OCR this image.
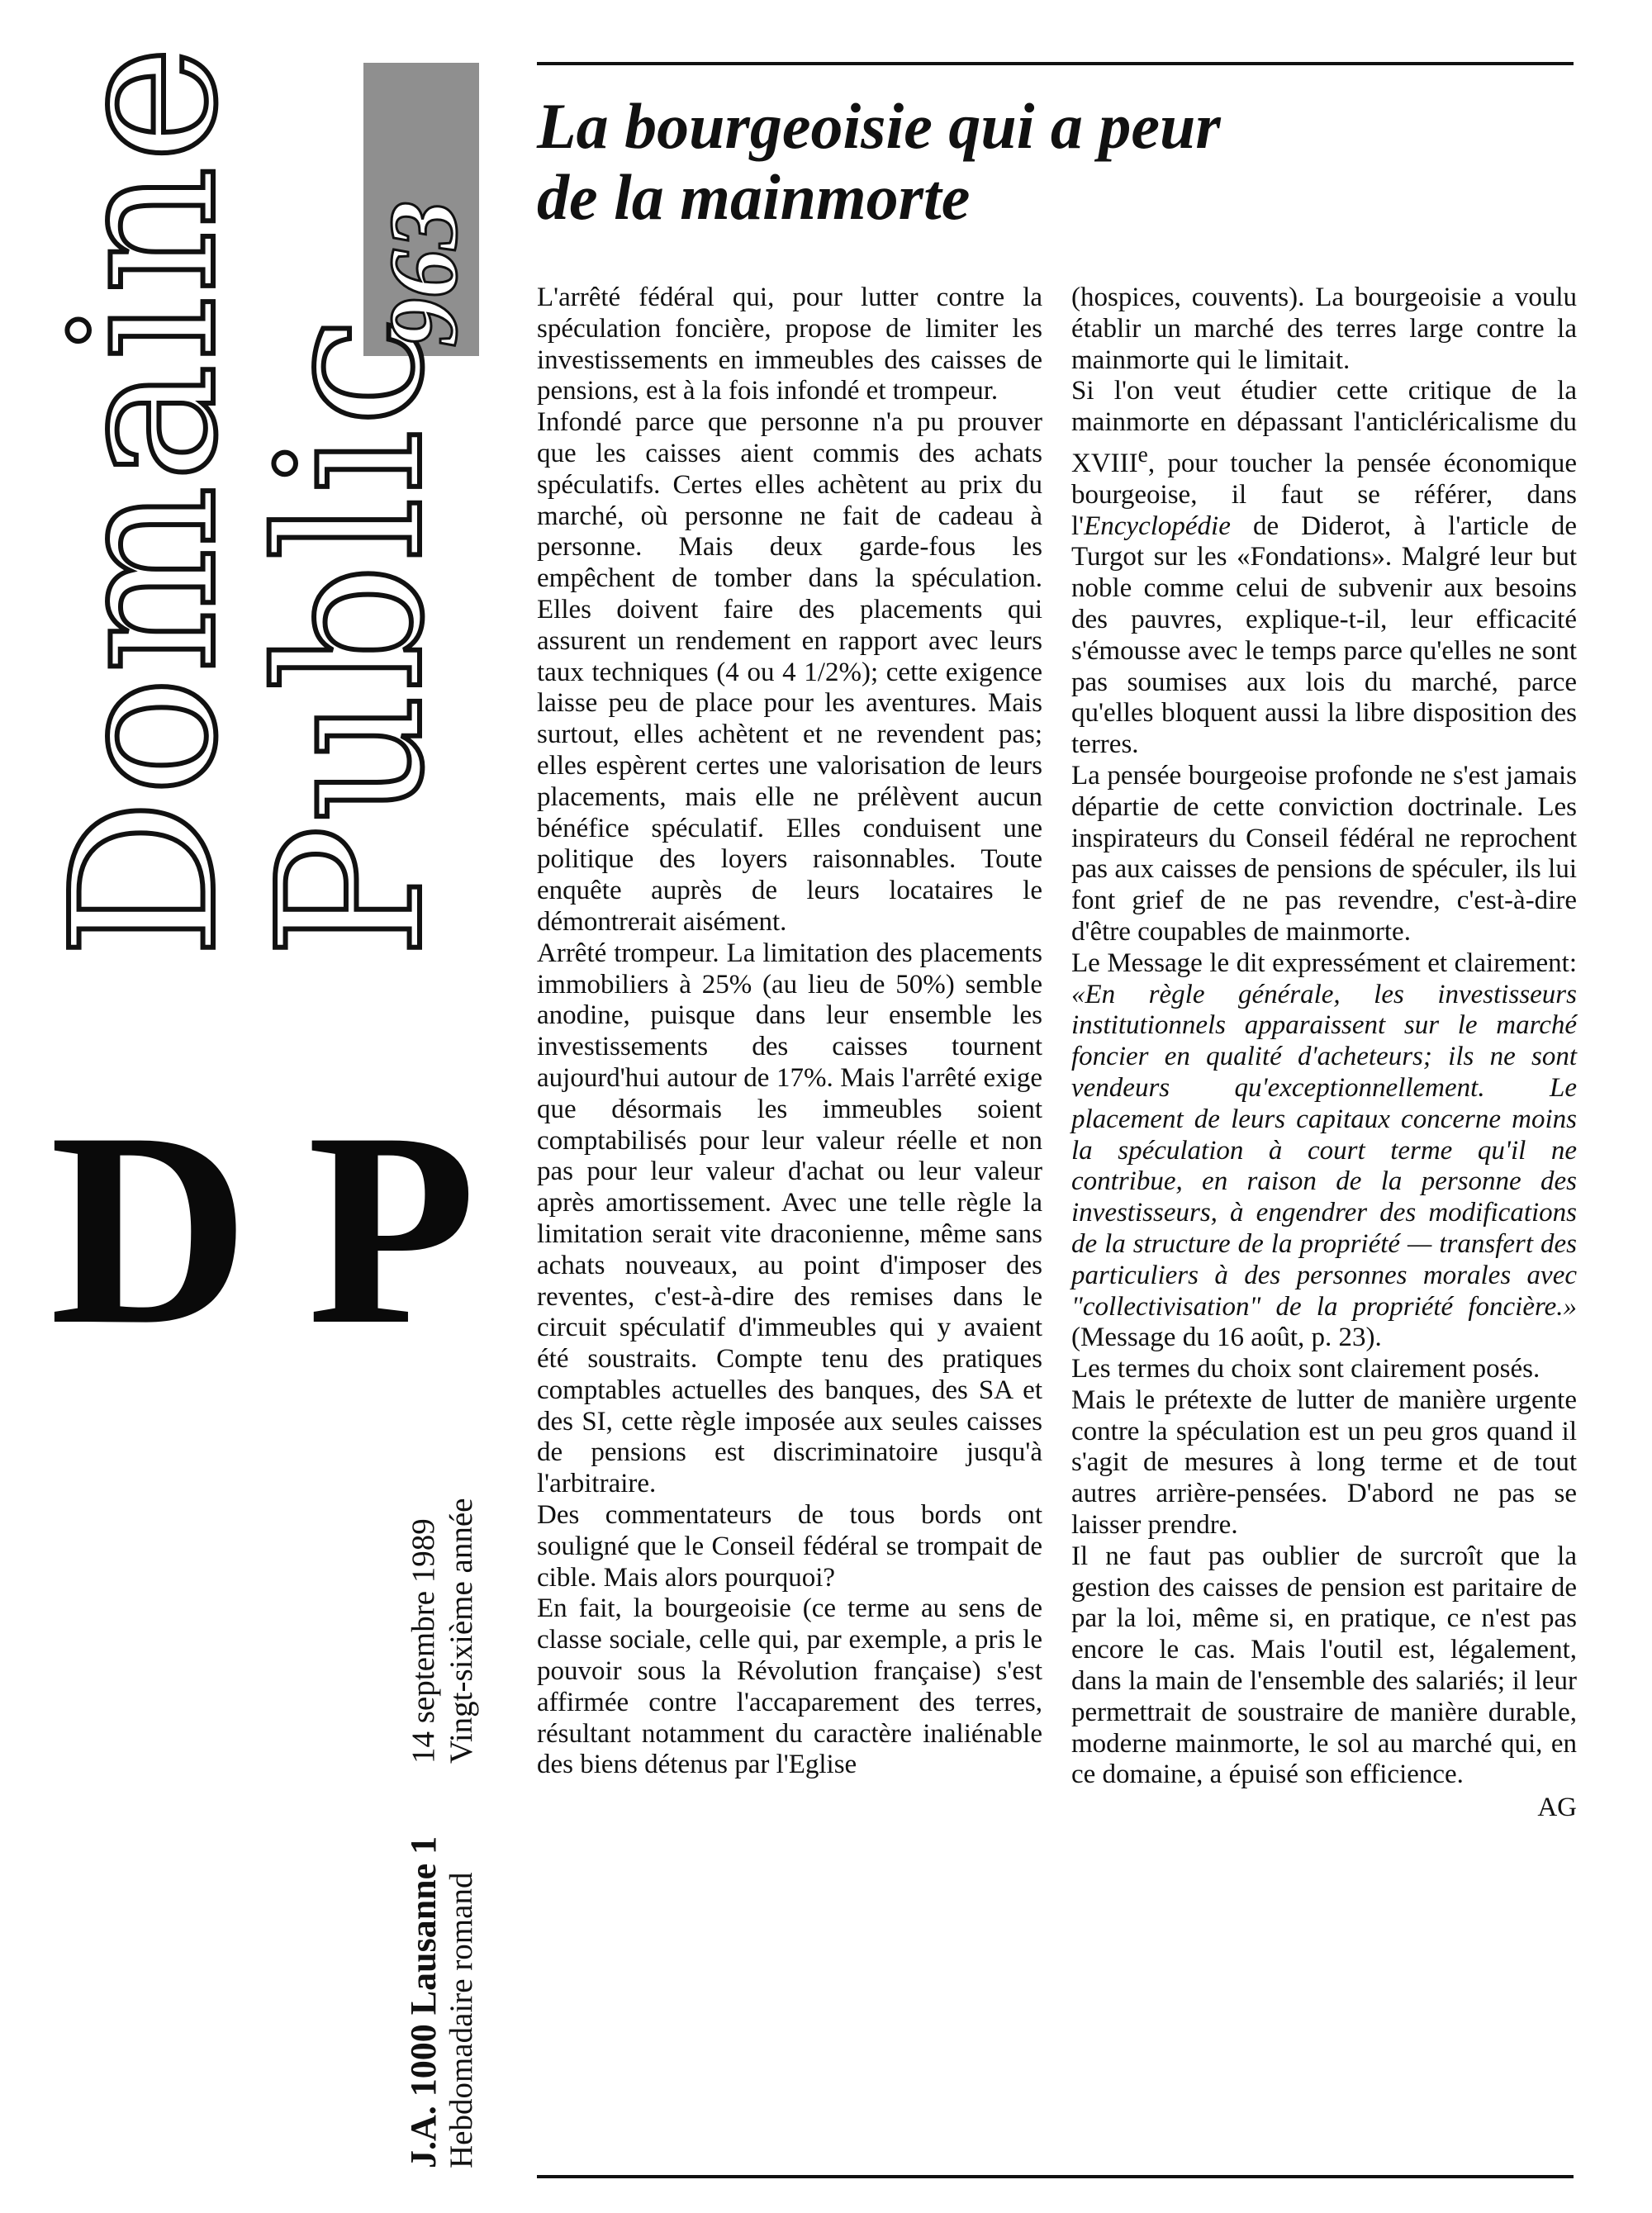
Domaine
Public
963
DP
J.A. 1000 Lausanne 1
14 septembre 1989
Hebdomadaire romand
Vingt-sixième année
La bourgeoisie qui a peur
de la mainmorte

L'arrêté fédéral qui, pour lutter contre la spéculation foncière, propose de limiter les investissements en immeubles des caisses de pensions, est à la fois infondé et trompeur.

Infondé parce que personne n'a pu prouver que les caisses aient commis des achats spéculatifs. Certes elles achètent au prix du marché, où personne ne fait de cadeau à personne. Mais deux garde-fous les empêchent de tomber dans la spéculation. Elles doivent faire des placements qui assurent un rendement en rapport avec leurs taux techniques (4 ou 4 1/2%); cette exigence laisse peu de place pour les aventures. Mais surtout, elles achètent et ne revendent pas; elles espèrent certes une valorisation de leurs placements, mais elle ne prélèvent aucun bénéfice spéculatif. Elles conduisent une politique des loyers raisonnables. Toute enquête auprès de leurs locataires le démontrerait aisément.

Arrêté trompeur. La limitation des placements immobiliers à 25% (au lieu de 50%) semble anodine, puisque dans leur ensemble les investissements des caisses tournent aujourd'hui autour de 17%. Mais l'arrêté exige que désormais les immeubles soient comptabilisés pour leur valeur réelle et non pas pour leur valeur d'achat ou leur valeur après amortissement. Avec une telle règle la limitation serait vite draconienne, même sans achats nouveaux, au point d'imposer des reventes, c'est-à-dire des remises dans le circuit spéculatif d'immeubles qui y avaient été soustraits. Compte tenu des pratiques comptables actuelles des banques, des SA et des SI, cette règle imposée aux seules caisses de pensions est discriminatoire jusqu'à l'arbitraire.

Des commentateurs de tous bords ont souligné que le Conseil fédéral se trompait de cible. Mais alors pourquoi?

En fait, la bourgeoisie (ce terme au sens de classe sociale, celle qui, par exemple, a pris le pouvoir sous la Révolution française) s'est affirmée contre l'accaparement des terres, résultant notamment du caractère inaliénable des biens détenus par l'Eglise

(hospices, couvents). La bourgeoisie a voulu établir un marché des terres large contre la mainmorte qui le limitait.

Si l'on veut étudier cette critique de la mainmorte en dépassant l'anticléricalisme du XVIIIe, pour toucher la pensée économique bourgeoise, il faut se référer, dans l'Encyclopédie de Diderot, à l'article de Turgot sur les «Fondations». Malgré leur but noble comme celui de subvenir aux besoins des pauvres, explique-t-il, leur efficacité s'émousse avec le temps parce qu'elles ne sont pas soumises aux lois du marché, parce qu'elles bloquent aussi la libre disposition des terres.

La pensée bourgeoise profonde ne s'est jamais départie de cette conviction doctrinale. Les inspirateurs du Conseil fédéral ne reprochent pas aux caisses de pensions de spéculer, ils lui font grief de ne pas revendre, c'est-à-dire d'être coupables de mainmorte.

Le Message le dit expressément et clairement: «En règle générale, les investisseurs institutionnels apparaissent sur le marché foncier en qualité d'acheteurs; ils ne sont vendeurs qu'exceptionnellement. Le placement de leurs capitaux concerne moins la spéculation à court terme qu'il ne contribue, en raison de la personne des investisseurs, à engendrer des modifications de la structure de la propriété — transfert des particuliers à des personnes morales avec "collectivisation" de la propriété foncière.» (Message du 16 août, p. 23).

Les termes du choix sont clairement posés.

Mais le prétexte de lutter de manière urgente contre la spéculation est un peu gros quand il s'agit de mesures à long terme et de tout autres arrière-pensées. D'abord ne pas se laisser prendre.

Il ne faut pas oublier de surcroît que la gestion des caisses de pension est paritaire de par la loi, même si, en pratique, ce n'est pas encore le cas. Mais l'outil est, légalement, dans la main de l'ensemble des salariés; il leur permettrait de soustraire de manière durable, moderne mainmorte, le sol au marché qui, en ce domaine, a épuisé son efficience.

AG
